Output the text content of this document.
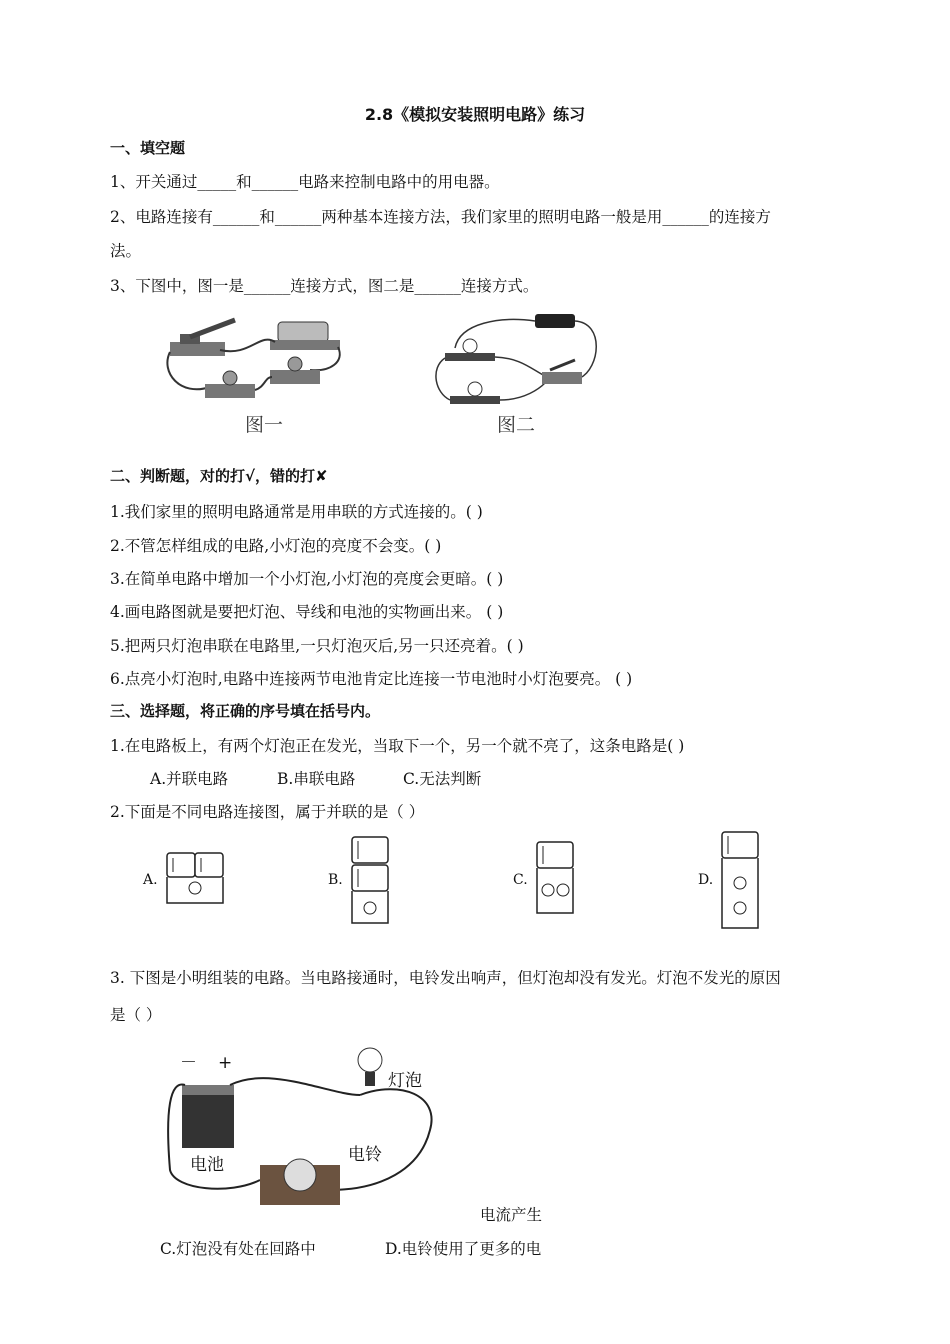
2.8《模拟安装照明电路》练习
一、填空题
1、开关通过_____和______电路来控制电路中的用电器。
2、电路连接有______和______两种基本连接方法，我们家里的照明电路一般是用______的连接方
法。
3、下图中，图一是______连接方式，图二是______连接方式。
图一	图二
二、判断题，对的打√，错的打✘
1.我们家里的照明电路通常是用串联的方式连接的。( )
2.不管怎样组成的电路,小灯泡的亮度不会变。( )
3.在简单电路中增加一个小灯泡,小灯泡的亮度会更暗。( )
4.画电路图就是要把灯泡、导线和电池的实物画出来。 ( )
5.把两只灯泡串联在电路里,一只灯泡灭后,另一只还亮着。( )
6.点亮小灯泡时,电路中连接两节电池肯定比连接一节电池时小灯泡要亮。 ( )
三、选择题，将正确的序号填在括号内。
1.在电路板上，有两个灯泡正在发光，当取下一个，另一个就不亮了，这条电路是( )
A.并联电路	B.串联电路	C.无法判断
2.下面是不同电路连接图，属于并联的是（ ）
A.	B.	C.	D.
3. 下图是小明组装的电路。当电路接通时，电铃发出响声，但灯泡却没有发光。灯泡不发光的原因
是（ ）
－ +
灯泡
电池	电铃
电流产生
C.灯泡没有处在回路中	D.电铃使用了更多的电
